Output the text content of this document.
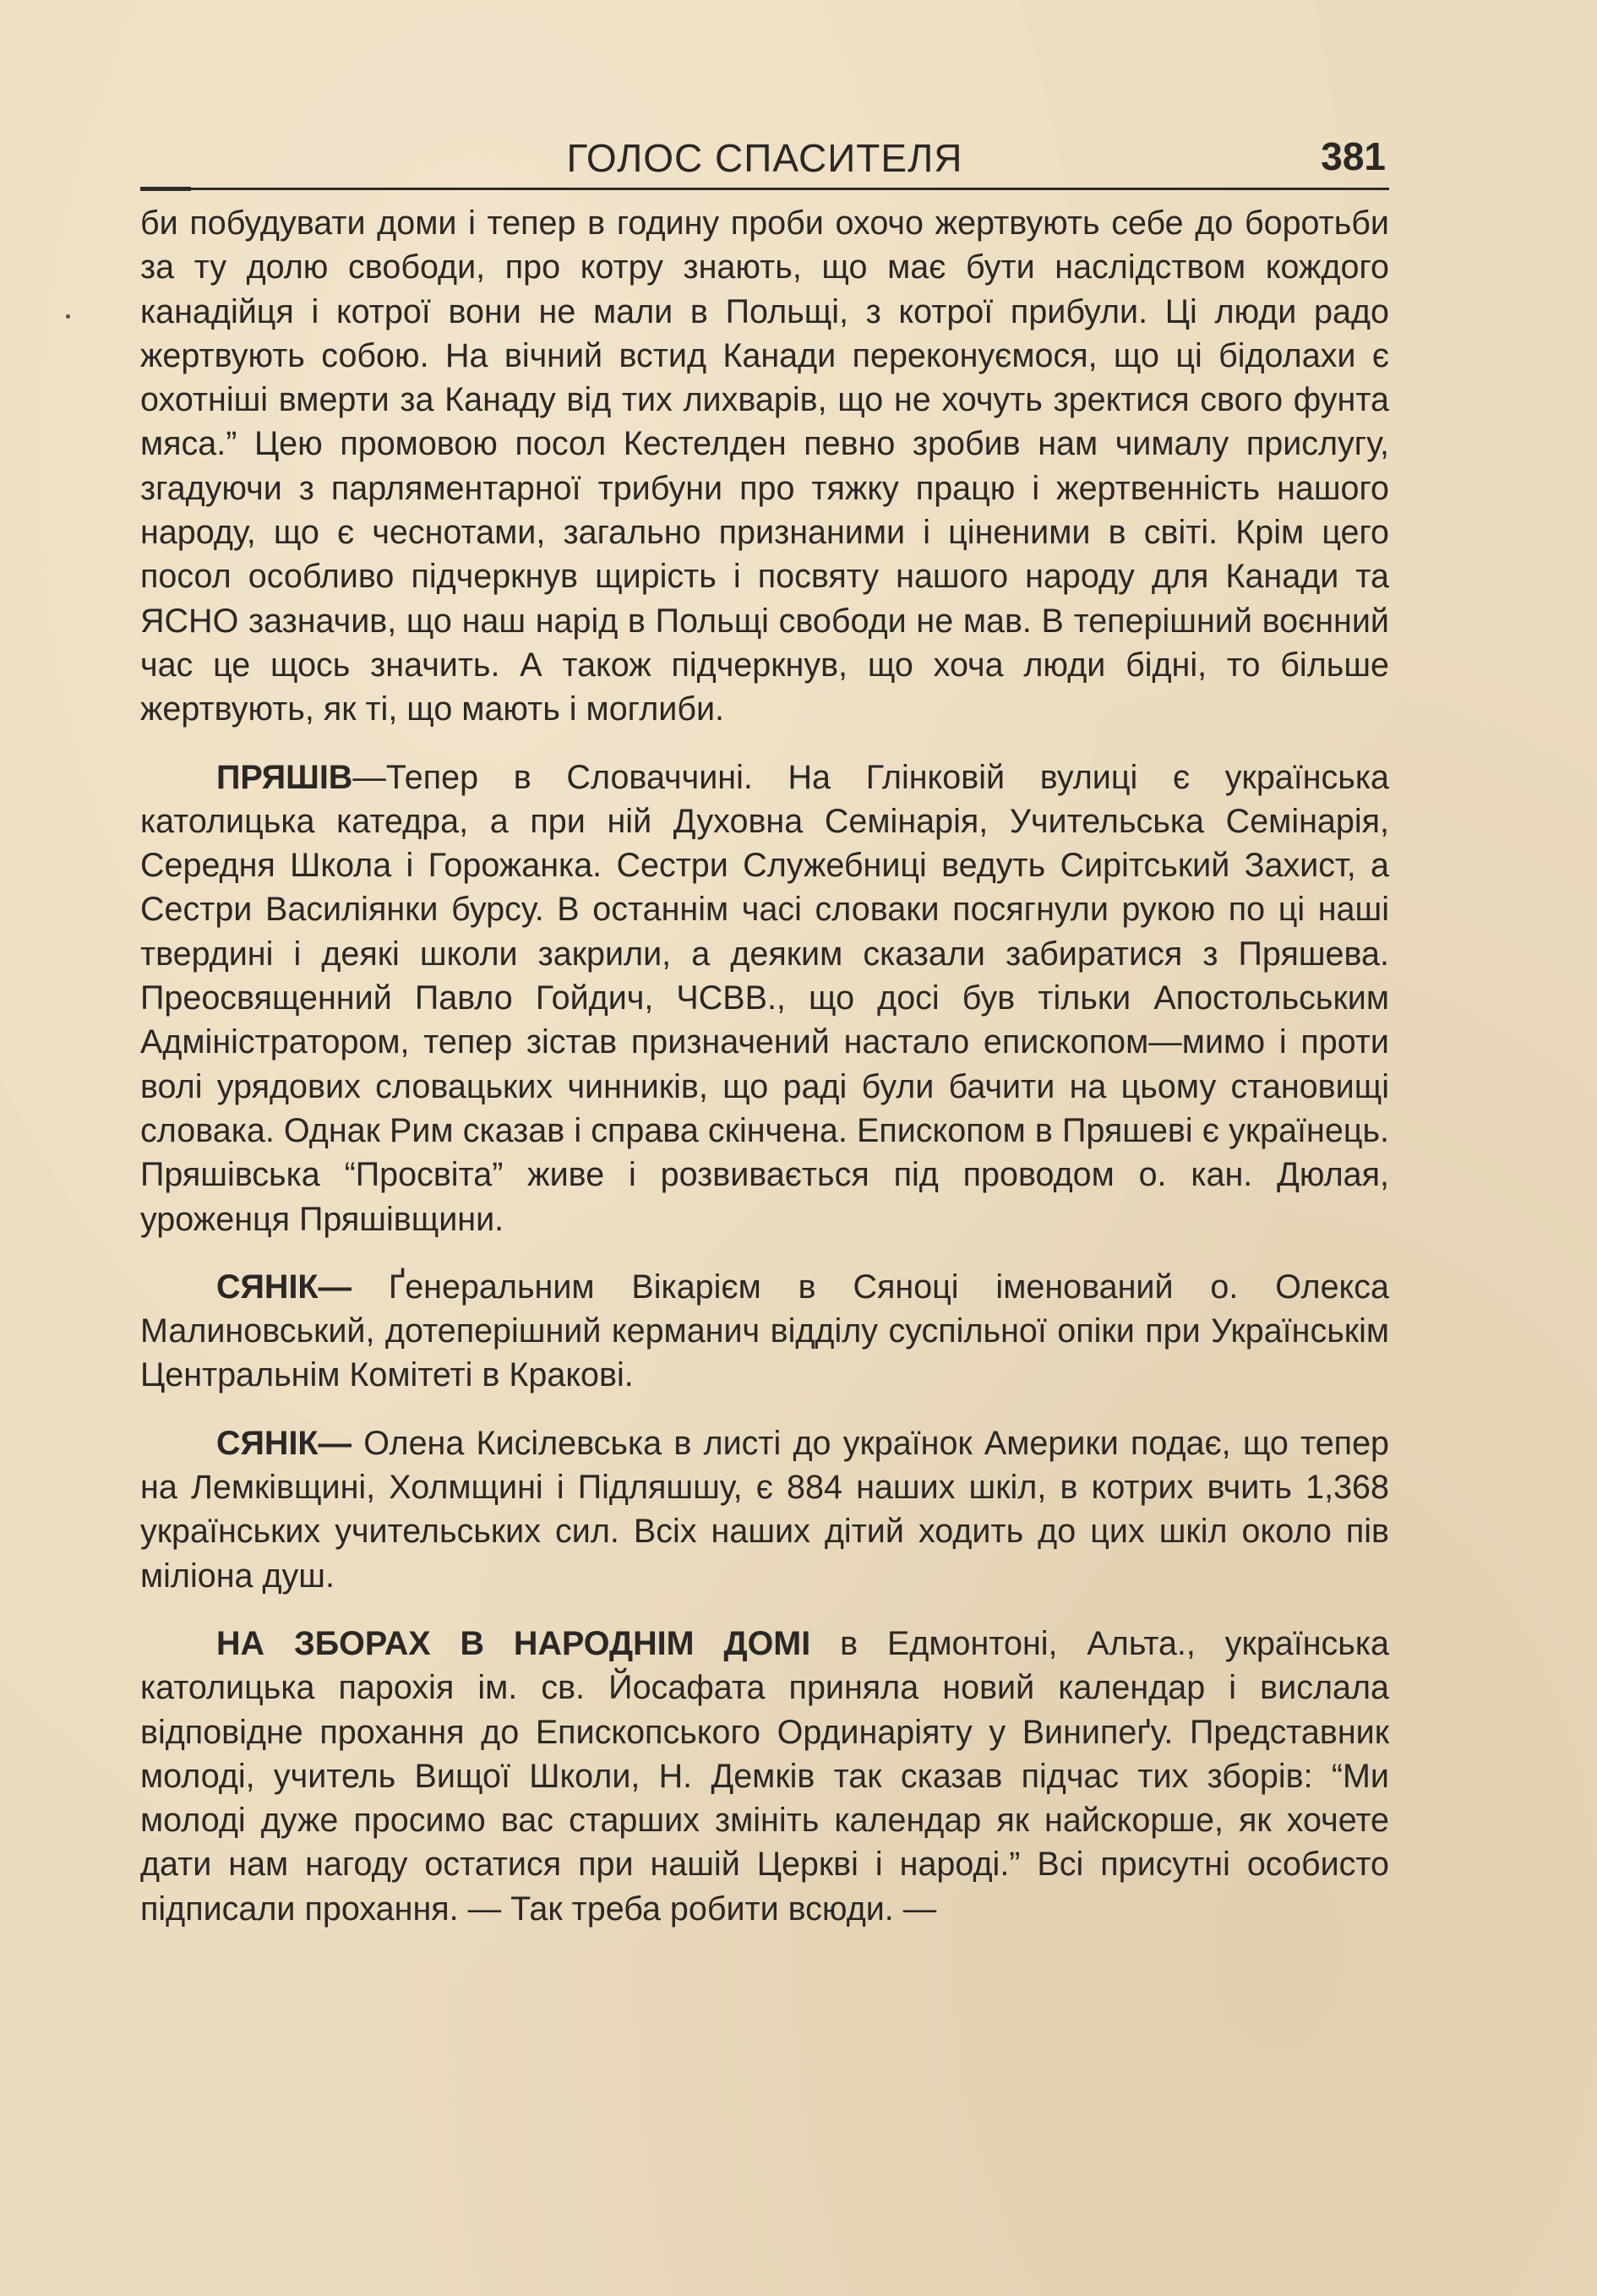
ГОЛОС СПАСИТЕЛЯ	381

би побудувати доми і тепер в годину проби охочо жертвують себе до боротьби за ту долю свободи, про котру знають, що має бути наслідством кождого канадійця і котрої вони не мали в Польщі, з котрої прибули. Ці люди радо жертвують собою. На вічний встид Канади переконуємося, що ці бідолахи є охотніші вмерти за Канаду від тих лихварів, що не хочуть зректися свого фунта мяса.” Цею промовою посол Кестелден певно зробив нам чималу прислугу, згадуючи з парляментарної трибуни про тяжку працю і жертвенність нашого народу, що є чеснотами, загально признаними і ціненими в світі. Крім цего посол особливо підчеркнув щирість і посвяту нашого народу для Канади та ЯСНО зазначив, що наш нарід в Польщі свободи не мав. В теперішний воєнний час це щось значить. А також підчеркнув, що хоча люди бідні, то більше жертвують, як ті, що мають і моглиби.

ПРЯШІВ—Тепер в Словаччині. На Глінковій вулиці є українська католицька катедра, а при ній Духовна Семінарія, Учительська Семінарія, Середня Школа і Горожанка. Сестри Служебниці ведуть Сирітський Захист, а Сестри Василіянки бурсу. В останнім часі словаки посягнули рукою по ці наші твердині і деякі школи закрили, а деяким сказали забиратися з Пряшева. Преосвященний Павло Гойдич, ЧСВВ., що досі був тільки Апостольським Адміністратором, тепер зістав призначений настало епископом—мимо і проти волі урядових словацьких чинників, що раді були бачити на цьому становищі словака. Однак Рим сказав і справа скінчена. Епископом в Пряшеві є українець. Пряшівська “Просвіта” живе і розвивається під проводом о. кан. Дюлая, уроженця Пряшівщини.

СЯНІК— Ґенеральним Вікарієм в Сяноці іменований о. Олекса Малиновський, дотеперішний керманич відділу суспільної опіки при Українськім Центральнім Комітеті в Кракові.

СЯНІК— Олена Кисілевська в листі до українок Америки подає, що тепер на Лемківщині, Холмщині і Підляшшу, є 884 наших шкіл, в котрих вчить 1,368 українських учительських сил. Всіх наших дітий ходить до цих шкіл около пів міліона душ.

НА ЗБОРАХ В НАРОДНІМ ДОМІ в Едмонтоні, Альта., українська католицька парохія ім. св. Йосафата приняла новий календар і вислала відповідне прохання до Епископського Ординаріяту у Винипеґу. Представник молоді, учитель Вищої Школи, Н. Демків так сказав підчас тих зборів: “Ми молоді дуже просимо вас старших змініть календар як найскорше, як хочете дати нам нагоду остатися при нашій Церкві і народі.” Всі присутні особисто підписали прохання. — Так треба робити всюди. —
